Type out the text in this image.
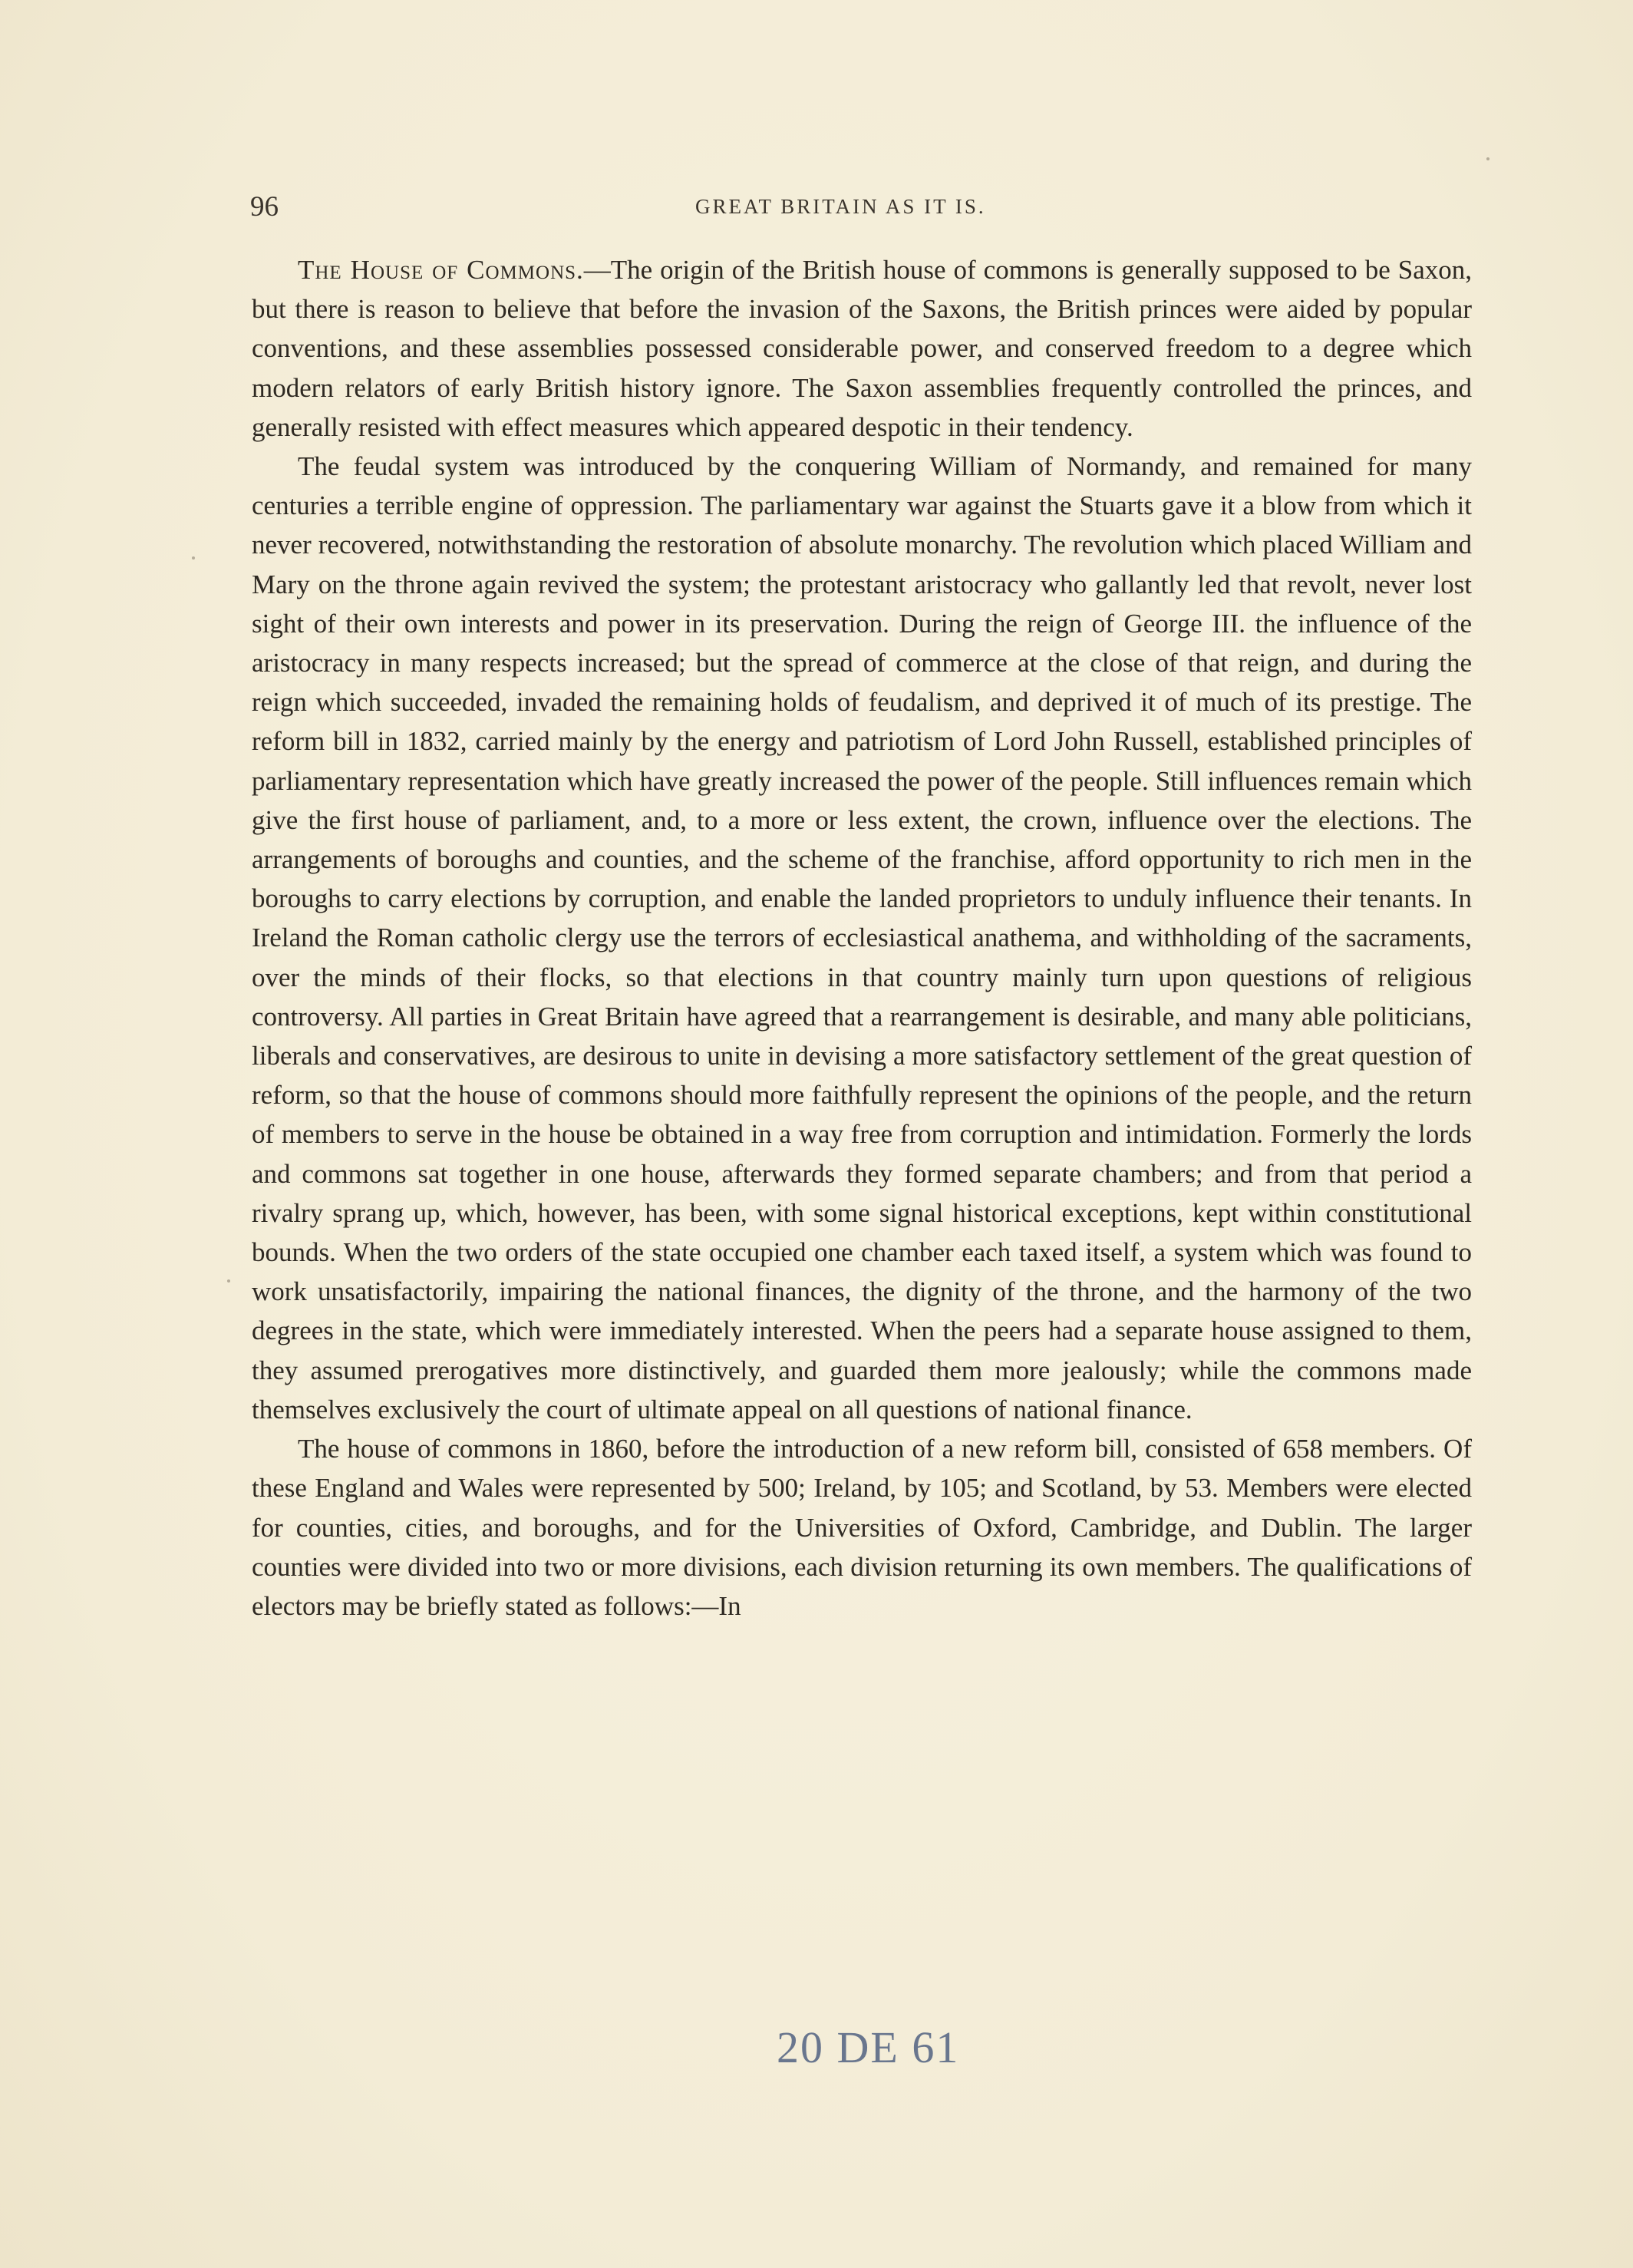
96	GREAT BRITAIN AS IT IS.

The House of Commons.—The origin of the British house of commons is generally supposed to be Saxon, but there is reason to believe that before the invasion of the Saxons, the British princes were aided by popular conventions, and these assemblies possessed considerable power, and conserved freedom to a degree which modern relators of early British history ignore. The Saxon assemblies frequently controlled the princes, and generally resisted with effect measures which appeared despotic in their tendency.

The feudal system was introduced by the conquering William of Normandy, and remained for many centuries a terrible engine of oppression. The parliamentary war against the Stuarts gave it a blow from which it never recovered, notwithstanding the restoration of absolute monarchy. The revolution which placed William and Mary on the throne again revived the system; the protestant aristocracy who gallantly led that revolt, never lost sight of their own interests and power in its preservation. During the reign of George III. the influence of the aristocracy in many respects increased; but the spread of commerce at the close of that reign, and during the reign which succeeded, invaded the remaining holds of feudalism, and deprived it of much of its prestige. The reform bill in 1832, carried mainly by the energy and patriotism of Lord John Russell, established principles of parliamentary representation which have greatly increased the power of the people. Still influences remain which give the first house of parliament, and, to a more or less extent, the crown, influence over the elections. The arrangements of boroughs and counties, and the scheme of the franchise, afford opportunity to rich men in the boroughs to carry elections by corruption, and enable the landed proprietors to unduly influence their tenants. In Ireland the Roman catholic clergy use the terrors of ecclesiastical anathema, and withholding of the sacraments, over the minds of their flocks, so that elections in that country mainly turn upon questions of religious controversy. All parties in Great Britain have agreed that a rearrangement is desirable, and many able politicians, liberals and conservatives, are desirous to unite in devising a more satisfactory settlement of the great question of reform, so that the house of commons should more faithfully represent the opinions of the people, and the return of members to serve in the house be obtained in a way free from corruption and intimidation. Formerly the lords and commons sat together in one house, afterwards they formed separate chambers; and from that period a rivalry sprang up, which, however, has been, with some signal historical exceptions, kept within constitutional bounds. When the two orders of the state occupied one chamber each taxed itself, a system which was found to work unsatisfactorily, impairing the national finances, the dignity of the throne, and the harmony of the two degrees in the state, which were immediately interested. When the peers had a separate house assigned to them, they assumed prerogatives more distinctively, and guarded them more jealously; while the commons made themselves exclusively the court of ultimate appeal on all questions of national finance.

The house of commons in 1860, before the introduction of a new reform bill, consisted of 658 members. Of these England and Wales were represented by 500; Ireland, by 105; and Scotland, by 53. Members were elected for counties, cities, and boroughs, and for the Universities of Oxford, Cambridge, and Dublin. The larger counties were divided into two or more divisions, each division returning its own members. The qualifications of electors may be briefly stated as follows:—In

20 DE 61
